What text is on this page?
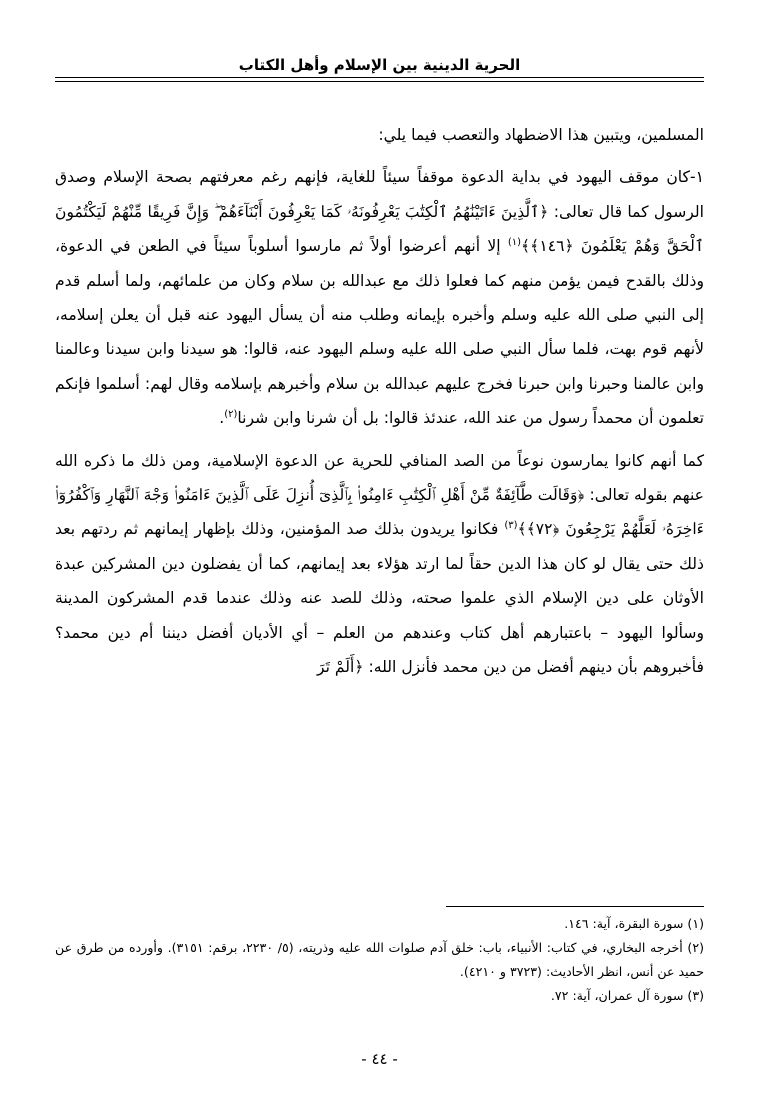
الحرية الدينية بين الإسلام وأهل الكتاب

المسلمين، ويتبين هذا الاضطهاد والتعصب فيما يلي:

١-كان موقف اليهود في بداية الدعوة موقفاً سيئاً للغاية، فإنهم رغم معرفتهم بصحة الإسلام وصدق الرسول كما قال تعالى: ﴿ٱلَّذِينَ ءَاتَيْنَٰهُمُ ٱلْكِتَٰبَ يَعْرِفُونَهُۥ كَمَا يَعْرِفُونَ أَبْنَآءَهُمْ ۖ وَإِنَّ فَرِيقًا مِّنْهُمْ لَيَكْتُمُونَ ٱلْحَقَّ وَهُمْ يَعْلَمُونَ ﴿١٤٦﴾﴾$^{(١)}$ إلا أنهم أعرضوا أولاً ثم مارسوا أسلوباً سيئاً في الطعن في الدعوة، وذلك بالقدح فيمن يؤمن منهم كما فعلوا ذلك مع عبدالله بن سلام وكان من علمائهم، ولما أسلم قدم إلى النبي صلى الله عليه وسلم وأخبره بإيمانه وطلب منه أن يسأل اليهود عنه قبل أن يعلن إسلامه، لأنهم قوم بهت، فلما سأل النبي صلى الله عليه وسلم اليهود عنه، قالوا: هو سيدنا وابن سيدنا وعالمنا وابن عالمنا وحبرنا وابن حبرنا فخرج عليهم عبدالله بن سلام وأخبرهم بإسلامه وقال لهم: أسلموا فإنكم تعلمون أن محمداً رسول من عند الله، عندئذ قالوا: بل أن شرنا وابن شرنا$^{(٢)}$.

كما أنهم كانوا يمارسون نوعاً من الصد المنافي للحرية عن الدعوة الإسلامية، ومن ذلك ما ذكره الله عنهم بقوله تعالى: ﴿وَقَالَت طَّآئِفَةٌ مِّنْ أَهْلِ ٱلْكِتَٰبِ ءَامِنُوا۟ بِٱلَّذِىٓ أُنزِلَ عَلَى ٱلَّذِينَ ءَامَنُوا۟ وَجْهَ ٱلنَّهَارِ وَٱكْفُرُوٓا۟ ءَاخِرَهُۥ لَعَلَّهُمْ يَرْجِعُونَ ﴿٧٢﴾﴾$^{(٣)}$ فكانوا يريدون بذلك صد المؤمنين، وذلك بإظهار إيمانهم ثم ردتهم بعد ذلك حتى يقال لو كان هذا الدين حقاً لما ارتد هؤلاء بعد إيمانهم، كما أن يفضلون دين المشركين عبدة الأوثان على دين الإسلام الذي علموا صحته، وذلك للصد عنه وذلك عندما قدم المشركون المدينة وسألوا اليهود – باعتبارهم أهل كتاب وعندهم من العلم – أي الأديان أفضل ديننا أم دين محمد؟ فأخبروهم بأن دينهم أفضل من دين محمد فأنزل الله: ﴿أَلَمْ تَرَ

(١) سورة البقرة، آية: ١٤٦.

(٢) أخرجه البخاري، في كتاب: الأنبياء، باب: خلق آدم صلوات الله عليه وذريته، (٥/ ٢٢٣٠، برقم: ٣١٥١). وأورده من طرق عن حميد عن أنس، انظر الأحاديث: (٣٧٢٣ و ٤٢١٠).

(٣) سورة آل عمران، آية: ٧٢.

- ٤٤ -
